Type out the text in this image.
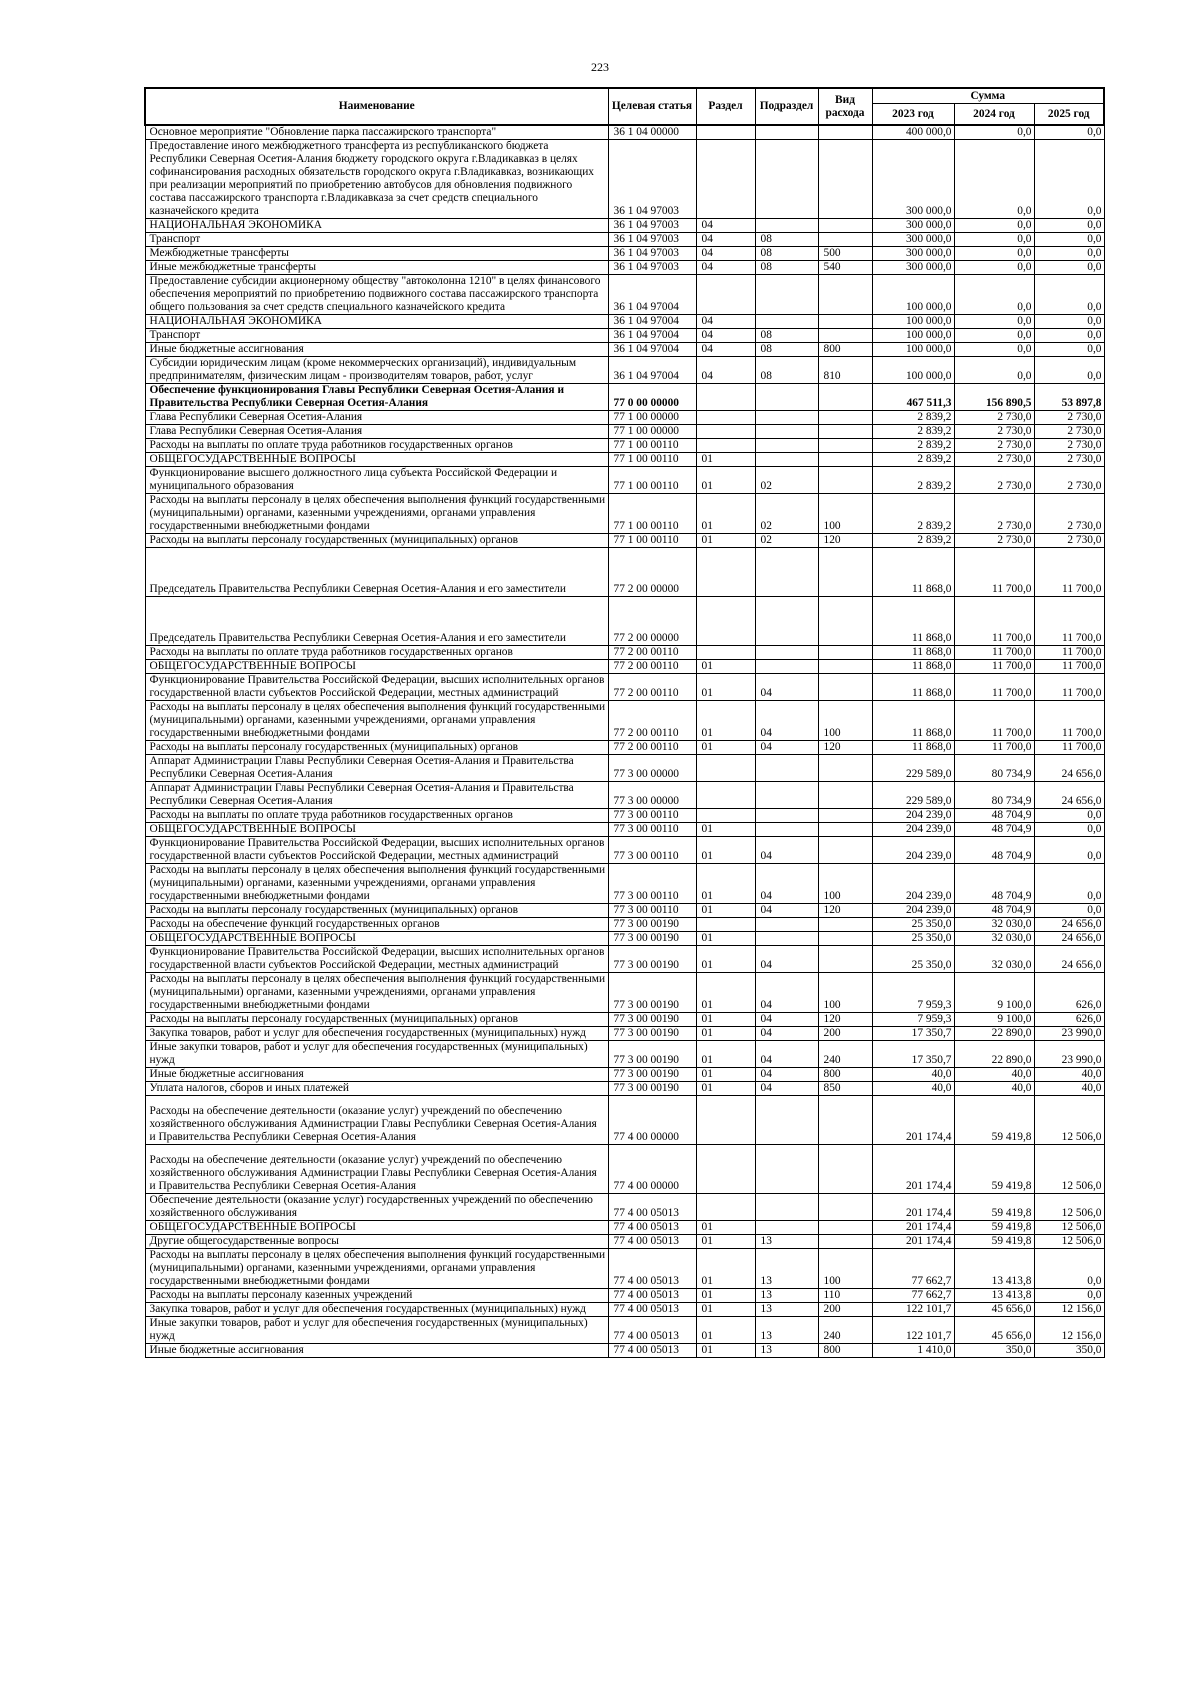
223
Наименование	Целевая статья	Раздел	Подраздел	Вид расхода	Сумма		
					2023 год	2024 год	2025 год
Основное мероприятие "Обновление парка пассажирского транспорта"	36 1 04 00000				400 000,0	0,0	0,0
Предоставление иного межбюджетного трансферта из республиканского бюджета Республики Северная Осетия-Алания бюджету городского округа г.Владикавказ в целях софинансирования расходных обязательств городского округа г.Владикавказ, возникающих при реализации мероприятий по приобретению автобусов для обновления подвижного состава пассажирского транспорта г.Владикавказа за счет средств специального казначейского кредита	36 1 04 97003				300 000,0	0,0	0,0
НАЦИОНАЛЬНАЯ ЭКОНОМИКА	36 1 04 97003	04			300 000,0	0,0	0,0
Транспорт	36 1 04 97003	04	08		300 000,0	0,0	0,0
Межбюджетные трансферты	36 1 04 97003	04	08	500	300 000,0	0,0	0,0
Иные межбюджетные трансферты	36 1 04 97003	04	08	540	300 000,0	0,0	0,0
Предоставление субсидии акционерному обществу "автоколонна 1210" в целях финансового обеспечения мероприятий по приобретению подвижного состава пассажирского транспорта общего пользования за счет средств специального казначейского кредита	36 1 04 97004				100 000,0	0,0	0,0
НАЦИОНАЛЬНАЯ ЭКОНОМИКА	36 1 04 97004	04			100 000,0	0,0	0,0
Транспорт	36 1 04 97004	04	08		100 000,0	0,0	0,0
Иные бюджетные ассигнования	36 1 04 97004	04	08	800	100 000,0	0,0	0,0
Субсидии юридическим лицам (кроме некоммерческих организаций), индивидуальным предпринимателям, физическим лицам - производителям товаров, работ, услуг	36 1 04 97004	04	08	810	100 000,0	0,0	0,0
Обеспечение функционирования Главы Республики Северная Осетия-Алания и Правительства Республики Северная Осетия-Алания	77 0 00 00000				467 511,3	156 890,5	53 897,8
Глава Республики Северная Осетия-Алания	77 1 00 00000				2 839,2	2 730,0	2 730,0
Глава Республики Северная Осетия-Алания	77 1 00 00000				2 839,2	2 730,0	2 730,0
Расходы на выплаты по оплате труда работников государственных органов	77 1 00 00110				2 839,2	2 730,0	2 730,0
ОБЩЕГОСУДАРСТВЕННЫЕ ВОПРОСЫ	77 1 00 00110	01			2 839,2	2 730,0	2 730,0
Функционирование высшего должностного лица субъекта Российской Федерации и муниципального образования	77 1 00 00110	01	02		2 839,2	2 730,0	2 730,0
Расходы на выплаты персоналу в целях обеспечения выполнения функций государственными (муниципальными) органами, казенными учреждениями, органами управления государственными внебюджетными фондами	77 1 00 00110	01	02	100	2 839,2	2 730,0	2 730,0
Расходы на выплаты персоналу государственных (муниципальных) органов	77 1 00 00110	01	02	120	2 839,2	2 730,0	2 730,0
Председатель Правительства Республики Северная Осетия-Алания и его заместители	77 2 00 00000				11 868,0	11 700,0	11 700,0
Председатель Правительства Республики Северная Осетия-Алания и его заместители	77 2 00 00000				11 868,0	11 700,0	11 700,0
Расходы на выплаты по оплате труда работников государственных органов	77 2 00 00110				11 868,0	11 700,0	11 700,0
ОБЩЕГОСУДАРСТВЕННЫЕ ВОПРОСЫ	77 2 00 00110	01			11 868,0	11 700,0	11 700,0
Функционирование Правительства Российской Федерации, высших исполнительных органов государственной власти субъектов Российской Федерации, местных администраций	77 2 00 00110	01	04		11 868,0	11 700,0	11 700,0
Расходы на выплаты персоналу в целях обеспечения выполнения функций государственными (муниципальными) органами, казенными учреждениями, органами управления государственными внебюджетными фондами	77 2 00 00110	01	04	100	11 868,0	11 700,0	11 700,0
Расходы на выплаты персоналу государственных (муниципальных) органов	77 2 00 00110	01	04	120	11 868,0	11 700,0	11 700,0
Аппарат Администрации Главы Республики Северная Осетия-Алания и Правительства Республики Северная Осетия-Алания	77 3 00 00000				229 589,0	80 734,9	24 656,0
Аппарат Администрации Главы Республики Северная Осетия-Алания и Правительства Республики Северная Осетия-Алания	77 3 00 00000				229 589,0	80 734,9	24 656,0
Расходы на выплаты по оплате труда работников государственных органов	77 3 00 00110				204 239,0	48 704,9	0,0
ОБЩЕГОСУДАРСТВЕННЫЕ ВОПРОСЫ	77 3 00 00110	01			204 239,0	48 704,9	0,0
Функционирование Правительства Российской Федерации, высших исполнительных органов государственной власти субъектов Российской Федерации, местных администраций	77 3 00 00110	01	04		204 239,0	48 704,9	0,0
Расходы на выплаты персоналу в целях обеспечения выполнения функций государственными (муниципальными) органами, казенными учреждениями, органами управления государственными внебюджетными фондами	77 3 00 00110	01	04	100	204 239,0	48 704,9	0,0
Расходы на выплаты персоналу государственных (муниципальных) органов	77 3 00 00110	01	04	120	204 239,0	48 704,9	0,0
Расходы на обеспечение функций государственных органов	77 3 00 00190				25 350,0	32 030,0	24 656,0
ОБЩЕГОСУДАРСТВЕННЫЕ ВОПРОСЫ	77 3 00 00190	01			25 350,0	32 030,0	24 656,0
Функционирование Правительства Российской Федерации, высших исполнительных органов государственной власти субъектов Российской Федерации, местных администраций	77 3 00 00190	01	04		25 350,0	32 030,0	24 656,0
Расходы на выплаты персоналу в целях обеспечения выполнения функций государственными (муниципальными) органами, казенными учреждениями, органами управления государственными внебюджетными фондами	77 3 00 00190	01	04	100	7 959,3	9 100,0	626,0
Расходы на выплаты персоналу государственных (муниципальных) органов	77 3 00 00190	01	04	120	7 959,3	9 100,0	626,0
Закупка товаров, работ и услуг для обеспечения государственных (муниципальных) нужд	77 3 00 00190	01	04	200	17 350,7	22 890,0	23 990,0
Иные закупки товаров, работ и услуг для обеспечения государственных (муниципальных) нужд	77 3 00 00190	01	04	240	17 350,7	22 890,0	23 990,0
Иные бюджетные ассигнования	77 3 00 00190	01	04	800	40,0	40,0	40,0
Уплата налогов, сборов и иных платежей	77 3 00 00190	01	04	850	40,0	40,0	40,0
Расходы на обеспечение деятельности (оказание услуг) учреждений по обеспечению хозяйственного обслуживания Администрации Главы Республики Северная Осетия-Алания и Правительства Республики Северная Осетия-Алания	77 4 00 00000				201 174,4	59 419,8	12 506,0
Расходы на обеспечение деятельности (оказание услуг) учреждений по обеспечению хозяйственного обслуживания Администрации Главы Республики Северная Осетия-Алания и Правительства Республики Северная Осетия-Алания	77 4 00 00000				201 174,4	59 419,8	12 506,0
Обеспечение деятельности (оказание услуг) государственных учреждений по обеспечению хозяйственного обслуживания	77 4 00 05013				201 174,4	59 419,8	12 506,0
ОБЩЕГОСУДАРСТВЕННЫЕ ВОПРОСЫ	77 4 00 05013	01			201 174,4	59 419,8	12 506,0
Другие общегосударственные вопросы	77 4 00 05013	01	13		201 174,4	59 419,8	12 506,0
Расходы на выплаты персоналу в целях обеспечения выполнения функций государственными (муниципальными) органами, казенными учреждениями, органами управления государственными внебюджетными фондами	77 4 00 05013	01	13	100	77 662,7	13 413,8	0,0
Расходы на выплаты персоналу казенных учреждений	77 4 00 05013	01	13	110	77 662,7	13 413,8	0,0
Закупка товаров, работ и услуг для обеспечения государственных (муниципальных) нужд	77 4 00 05013	01	13	200	122 101,7	45 656,0	12 156,0
Иные закупки товаров, работ и услуг для обеспечения государственных (муниципальных) нужд	77 4 00 05013	01	13	240	122 101,7	45 656,0	12 156,0
Иные бюджетные ассигнования	77 4 00 05013	01	13	800	1 410,0	350,0	350,0
